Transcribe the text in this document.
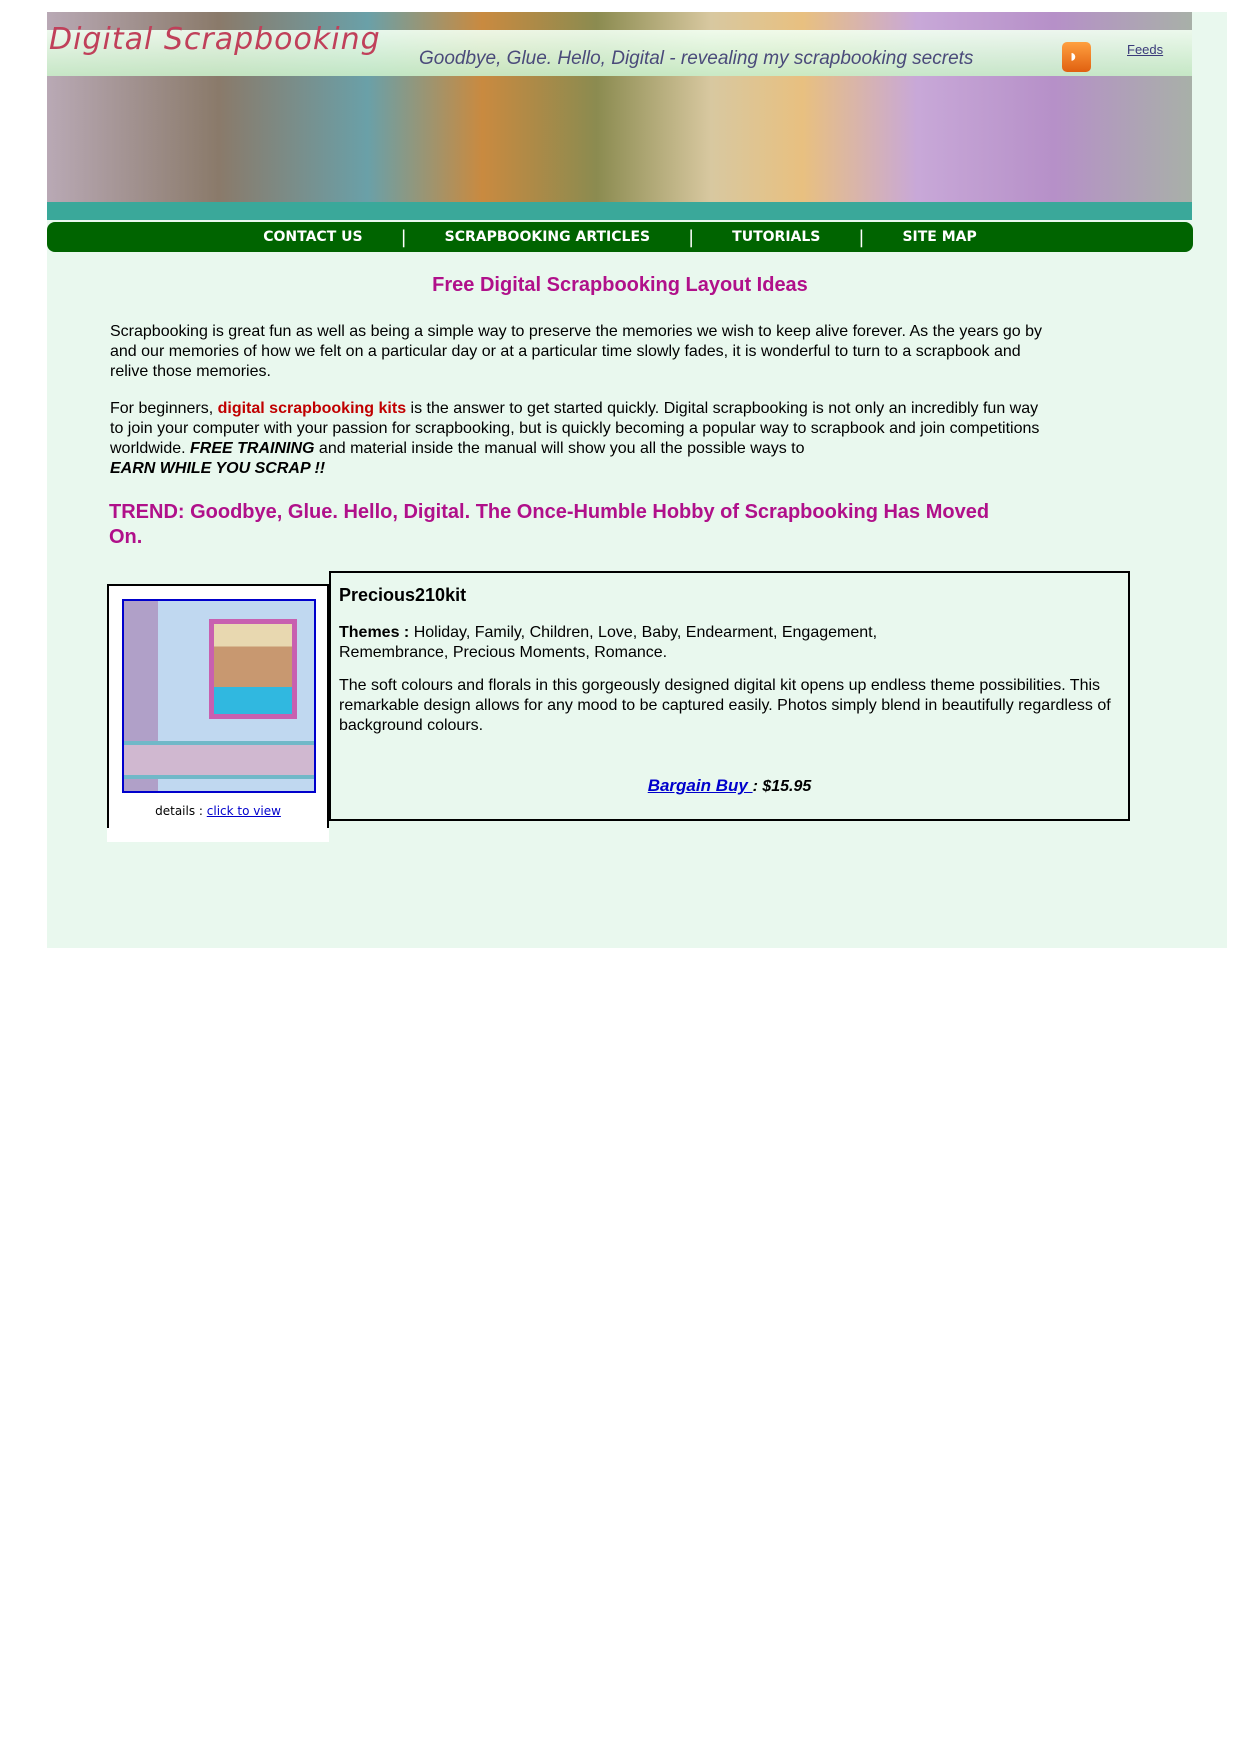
Digital Scrapbooking
Goodbye, Glue. Hello, Digital - revealing my scrapbooking secrets	◗	Feeds
CONTACT US |	SCRAPBOOKING ARTICLES |	TUTORIALS |	SITE MAP
Free Digital Scrapbooking Layout Ideas

Scrapbooking is great fun as well as being a simple way to preserve the memories we wish to keep alive forever. As the years go by and our memories of how we felt on a particular day or at a particular time slowly fades, it is wonderful to turn to a scrapbook and relive those memories.

For beginners, digital scrapbooking kits is the answer to get started quickly. Digital scrapbooking is not only an incredibly fun way to join your computer with your passion for scrapbooking, but is quickly becoming a popular way to scrapbook and join competitions worldwide. FREE TRAINING and material inside the manual will show you all the possible ways to
EARN WHILE YOU SCRAP !!

TREND: Goodbye, Glue. Hello, Digital. The Once-Humble Hobby of Scrapbooking Has Moved On.
details : click to view
Precious210kit
Themes : Holiday, Family, Children, Love, Baby, Endearment, Engagement, Remembrance, Precious Moments, Romance.
The soft colours and florals in this gorgeously designed digital kit opens up endless theme possibilities. This remarkable design allows for any mood to be captured easily. Photos simply blend in beautifully regardless of background colours.
Bargain Buy : $15.95
